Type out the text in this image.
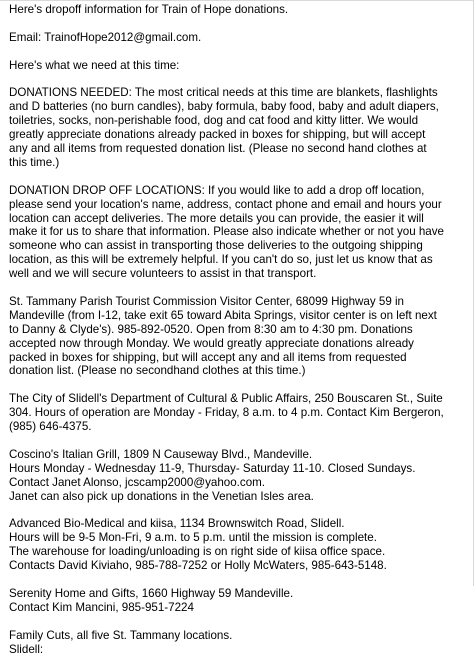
Here's dropoff information for Train of Hope donations.

Email: TrainofHope2012@gmail.com.

Here's what we need at this time:

DONATIONS NEEDED: The most critical needs at this time are blankets, flashlights
and D batteries (no burn candles), baby formula, baby food, baby and adult diapers,
toiletries, socks, non-perishable food, dog and cat food and kitty litter. We would
greatly appreciate donations already packed in boxes for shipping, but will accept
any and all items from requested donation list. (Please no second hand clothes at
this time.)

DONATION DROP OFF LOCATIONS: If you would like to add a drop off location,
please send your location's name, address, contact phone and email and hours your
location can accept deliveries. The more details you can provide, the easier it will
make it for us to share that information. Please also indicate whether or not you have
someone who can assist in transporting those deliveries to the outgoing shipping
location, as this will be extremely helpful. If you can't do so, just let us know that as
well and we will secure volunteers to assist in that transport.

St. Tammany Parish Tourist Commission Visitor Center, 68099 Highway 59 in
Mandeville (from I-12, take exit 65 toward Abita Springs, visitor center is on left next
to Danny & Clyde's). 985-892-0520. Open from 8:30 am to 4:30 pm. Donations
accepted now through Monday. We would greatly appreciate donations already
packed in boxes for shipping, but will accept any and all items from requested
donation list. (Please no secondhand clothes at this time.)

The City of Slidell's Department of Cultural & Public Affairs, 250 Bouscaren St., Suite
304. Hours of operation are Monday - Friday, 8 a.m. to 4 p.m. Contact Kim Bergeron,
(985) 646-4375.

Coscino's Italian Grill, 1809 N Causeway Blvd., Mandeville.
Hours Monday - Wednesday 11-9, Thursday- Saturday 11-10. Closed Sundays.
Contact Janet Alonso, jcscamp2000@yahoo.com.
Janet can also pick up donations in the Venetian Isles area.

Advanced Bio-Medical and kiisa, 1134 Brownswitch Road, Slidell.
Hours will be 9-5 Mon-Fri, 9 a.m. to 5 p.m. until the mission is complete.
The warehouse for loading/unloading is on right side of kiisa office space.
Contacts David Kiviaho, 985-788-7252 or Holly McWaters, 985-643-5148.

Serenity Home and Gifts, 1660 Highway 59 Mandeville.
Contact Kim Mancini, 985-951-7224

Family Cuts, all five St. Tammany locations.
Slidell:
